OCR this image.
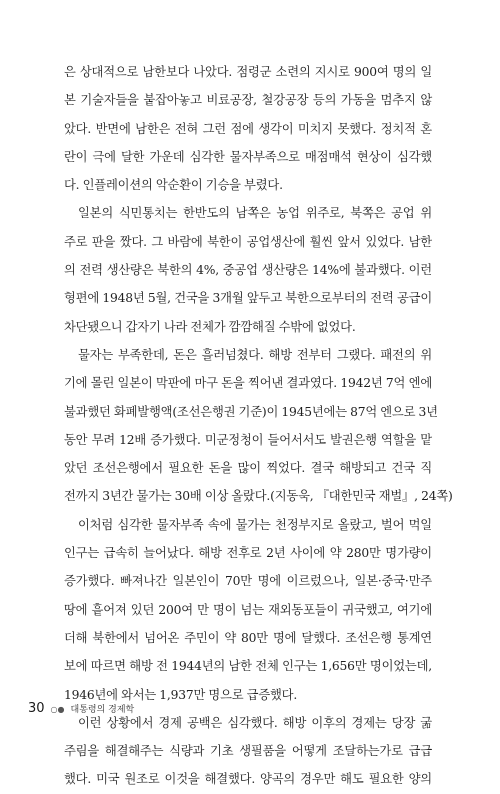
은 상대적으로 남한보다 나았다. 점령군 소련의 지시로 900여 명의 일
본 기술자들을 붙잡아놓고 비료공장, 철강공장 등의 가동을 멈추지 않
았다. 반면에 남한은 전혀 그런 점에 생각이 미치지 못했다. 정치적 혼
란이 극에 달한 가운데 심각한 물자부족으로 매점매석 현상이 심각했
다. 인플레이션의 악순환이 기승을 부렸다.

일본의 식민통치는 한반도의 남쪽은 농업 위주로, 북쪽은 공업 위
주로 판을 짰다. 그 바람에 북한이 공업생산에 훨씬 앞서 있었다. 남한
의 전력 생산량은 북한의 4%, 중공업 생산량은 14%에 불과했다. 이런
형편에 1948년 5월, 건국을 3개월 앞두고 북한으로부터의 전력 공급이
차단됐으니 갑자기 나라 전체가 깜깜해질 수밖에 없었다.

물자는 부족한데, 돈은 흘러넘쳤다. 해방 전부터 그랬다. 패전의 위
기에 몰린 일본이 막판에 마구 돈을 찍어낸 결과였다. 1942년 7억 엔에
불과했던 화폐발행액(조선은행권 기준)이 1945년에는 87억 엔으로 3년
동안 무려 12배 증가했다. 미군정청이 들어서서도 발권은행 역할을 맡
았던 조선은행에서 필요한 돈을 많이 찍었다. 결국 해방되고 건국 직
전까지 3년간 물가는 30배 이상 올랐다.(지동욱, 『대한민국 재벌』, 24쪽)

이처럼 심각한 물자부족 속에 물가는 천정부지로 올랐고, 벌어 먹일
인구는 급속히 늘어났다. 해방 전후로 2년 사이에 약 280만 명가량이
증가했다. 빠져나간 일본인이 70만 명에 이르렀으나, 일본·중국·만주
땅에 흩어져 있던 200여 만 명이 넘는 재외동포들이 귀국했고, 여기에
더해 북한에서 넘어온 주민이 약 80만 명에 달했다. 조선은행 통계연
보에 따르면 해방 전 1944년의 남한 전체 인구는 1,656만 명이었는데,
1946년에 와서는 1,937만 명으로 급증했다.

이런 상황에서 경제 공백은 심각했다. 해방 이후의 경제는 당장 굶
주림을 해결해주는 식량과 기초 생필품을 어떻게 조달하는가로 급급
했다. 미국 원조로 이것을 해결했다. 양곡의 경우만 해도 필요한 양의

30 ○● 대통령의 경제학
